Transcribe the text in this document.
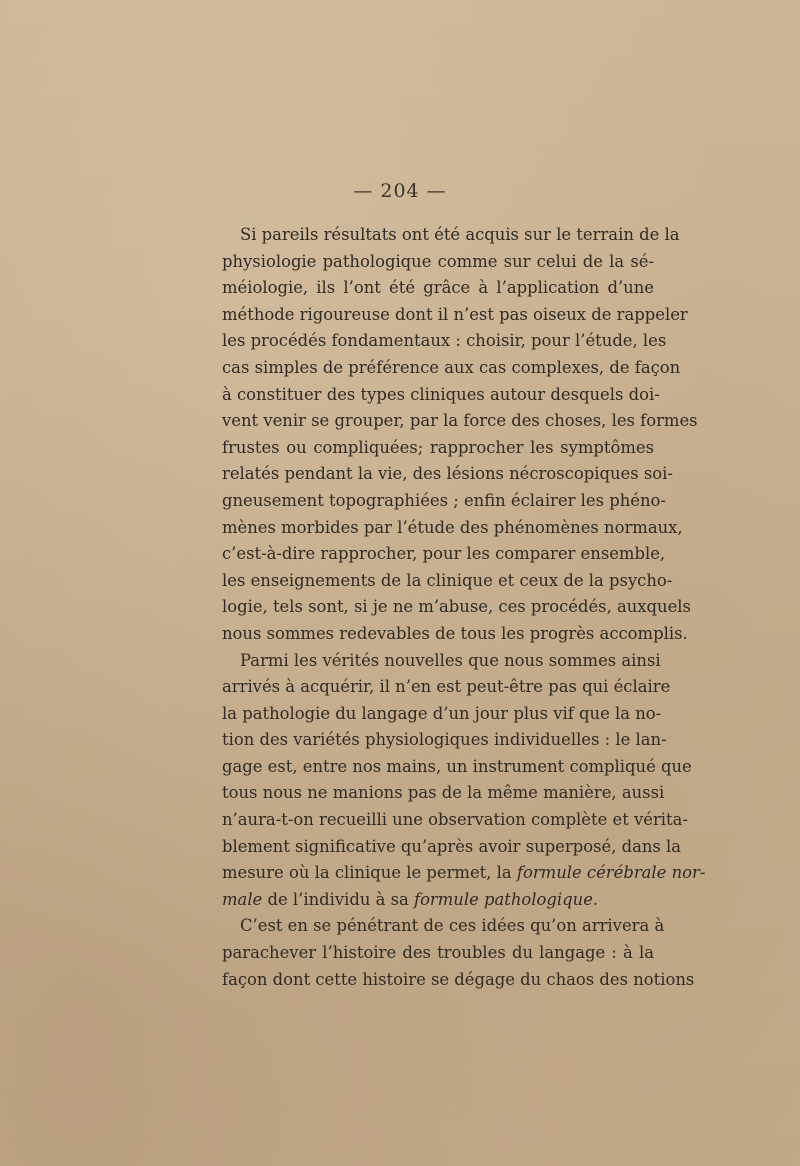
— 204 —
Si pareils résultats ont été acquis sur le terrain de la
physiologie pathologique comme sur celui de la sé-
méiologie, ils l’ont été grâce à l’application d’une
méthode rigoureuse dont il n’est pas oiseux de rappeler
les procédés fondamentaux : choisir, pour l’étude, les
cas simples de préférence aux cas complexes, de façon
à constituer des types cliniques autour desquels doi-
vent venir se grouper, par la force des choses, les formes
frustes ou compliquées; rapprocher les symptômes
relatés pendant la vie, des lésions nécroscopiques soi-
gneusement topographiées ; enfin éclairer les phéno-
mènes morbides par l’étude des phénomènes normaux,
c’est-à-dire rapprocher, pour les comparer ensemble,
les enseignements de la clinique et ceux de la psycho-
logie, tels sont, si je ne m’abuse, ces procédés, auxquels
nous sommes redevables de tous les progrès accomplis.
Parmi les vérités nouvelles que nous sommes ainsi
arrivés à acquérir, il n’en est peut-être pas qui éclaire
la pathologie du langage d’un jour plus vif que la no-
tion des variétés physiologiques individuelles : le lan-
gage est, entre nos mains, un instrument compliqué que
tous nous ne manions pas de la même manière, aussi
n’aura-t-on recueilli une observation complète et vérita-
blement significative qu’après avoir superposé, dans la
mesure où la clinique le permet, la formule cérébrale nor-
male de l’individu à sa formule pathologique.
C’est en se pénétrant de ces idées qu’on arrivera à
parachever l’histoire des troubles du langage : à la
façon dont cette histoire se dégage du chaos des notions
